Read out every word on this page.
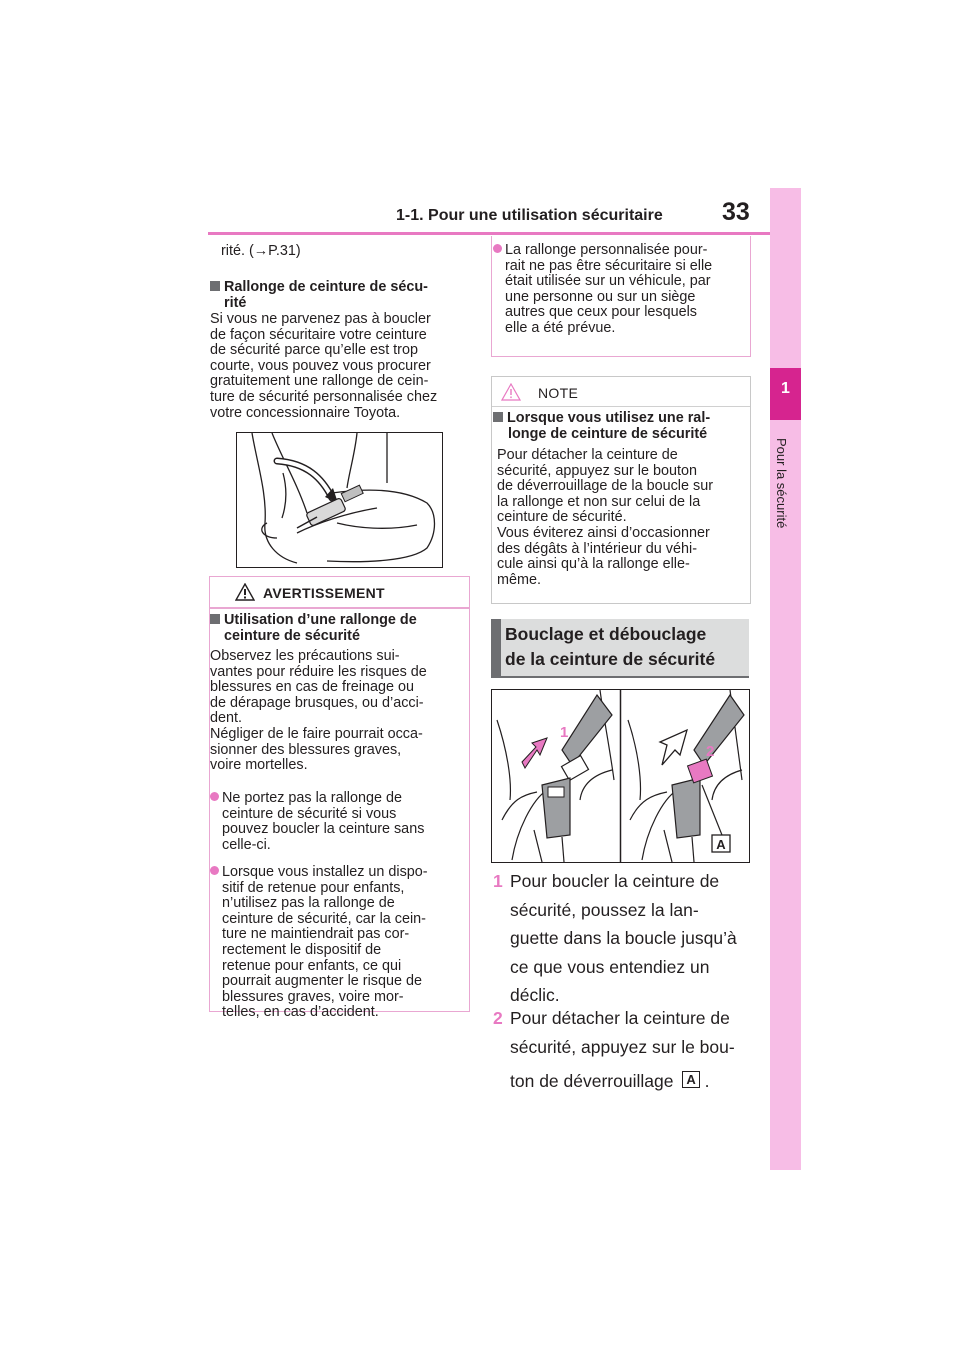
1-1. Pour une utilisation sécuritaire 33
1
Pour la sécurité
rité. (→P.31)
Rallonge de ceinture de sécu-
rité
Si vous ne parvenez pas à boucler
de façon sécuritaire votre ceinture
de sécurité parce qu’elle est trop
courte, vous pouvez vous procurer
gratuitement une rallonge de cein-
ture de sécurité personnalisée chez
votre concessionnaire Toyota.
AVERTISSEMENT
Utilisation d’une rallonge de
ceinture de sécurité
Observez les précautions sui-
vantes pour réduire les risques de
blessures en cas de freinage ou
de dérapage brusques, ou d’acci-
dent.
Négliger de le faire pourrait occa-
sionner des blessures graves,
voire mortelles.
Ne portez pas la rallonge de
ceinture de sécurité si vous
pouvez boucler la ceinture sans
celle-ci.
Lorsque vous installez un dispo-
sitif de retenue pour enfants,
n’utilisez pas la rallonge de
ceinture de sécurité, car la cein-
ture ne maintiendrait pas cor-
rectement le dispositif de
retenue pour enfants, ce qui
pourrait augmenter le risque de
blessures graves, voire mor-
telles, en cas d’accident.
La rallonge personnalisée pour-
rait ne pas être sécuritaire si elle
était utilisée sur un véhicule, par
une personne ou sur un siège
autres que ceux pour lesquels
elle a été prévue.
NOTE
Lorsque vous utilisez une ral-
longe de ceinture de sécurité
Pour détacher la ceinture de
sécurité, appuyez sur le bouton
de déverrouillage de la boucle sur
la rallonge et non sur celui de la
ceinture de sécurité.
Vous éviterez ainsi d’occasionner
des dégâts à l’intérieur du véhi-
cule ainsi qu’à la rallonge elle-
même.
Bouclage et débouclage
de la ceinture de sécurité
1
2
A
1 Pour boucler la ceinture de
sécurité, poussez la lan-
guette dans la boucle jusqu’à
ce que vous entendiez un
déclic.
2 Pour détacher la ceinture de
sécurité, appuyez sur le bou-
ton de déverrouillage A .
